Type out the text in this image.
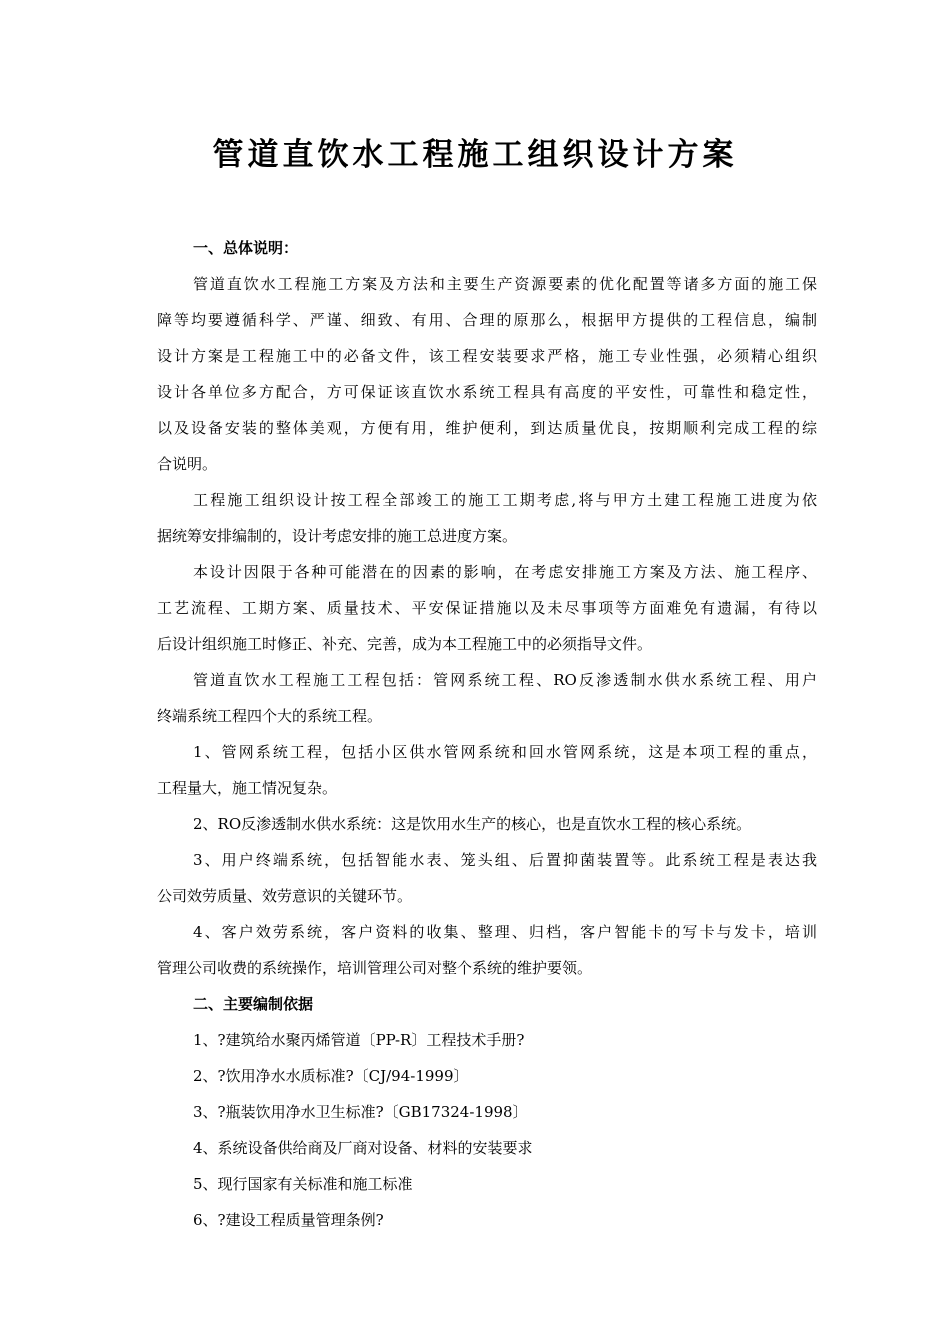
管道直饮水工程施工组织设计方案

一、总体说明：

管道直饮水工程施工方案及方法和主要生产资源要素的优化配置等诸多方面的施工保

障等均要遵循科学、严谨、细致、有用、合理的原那么，根据甲方提供的工程信息，编制

设计方案是工程施工中的必备文件，该工程安装要求严格，施工专业性强，必须精心组织

设计各单位多方配合，方可保证该直饮水系统工程具有高度的平安性，可靠性和稳定性，

以及设备安装的整体美观，方便有用，维护便利，到达质量优良，按期顺利完成工程的综

合说明。

工程施工组织设计按工程全部竣工的施工工期考虑,将与甲方土建工程施工进度为依

据统筹安排编制的，设计考虑安排的施工总进度方案。

本设计因限于各种可能潜在的因素的影响，在考虑安排施工方案及方法、施工程序、

工艺流程、工期方案、质量技术、平安保证措施以及未尽事项等方面难免有遗漏，有待以

后设计组织施工时修正、补充、完善，成为本工程施工中的必须指导文件。

管道直饮水工程施工工程包括：管网系统工程、RO反渗透制水供水系统工程、用户

终端系统工程四个大的系统工程。

1、管网系统工程，包括小区供水管网系统和回水管网系统，这是本项工程的重点，

工程量大，施工情况复杂。

2、RO反渗透制水供水系统：这是饮用水生产的核心，也是直饮水工程的核心系统。

3、用户终端系统，包括智能水表、笼头组、后置抑菌装置等。此系统工程是表达我

公司效劳质量、效劳意识的关键环节。

4、客户效劳系统，客户资料的收集、整理、归档，客户智能卡的写卡与发卡，培训

管理公司收费的系统操作，培训管理公司对整个系统的维护要领。

二、主要编制依据

1、?建筑给水聚丙烯管道〔PP-R〕工程技术手册?

2、?饮用净水水质标准?〔CJ/94-1999〕

3、?瓶装饮用净水卫生标准?〔GB17324-1998〕

4、系统设备供给商及厂商对设备、材料的安装要求

5、现行国家有关标准和施工标准

6、?建设工程质量管理条例?
